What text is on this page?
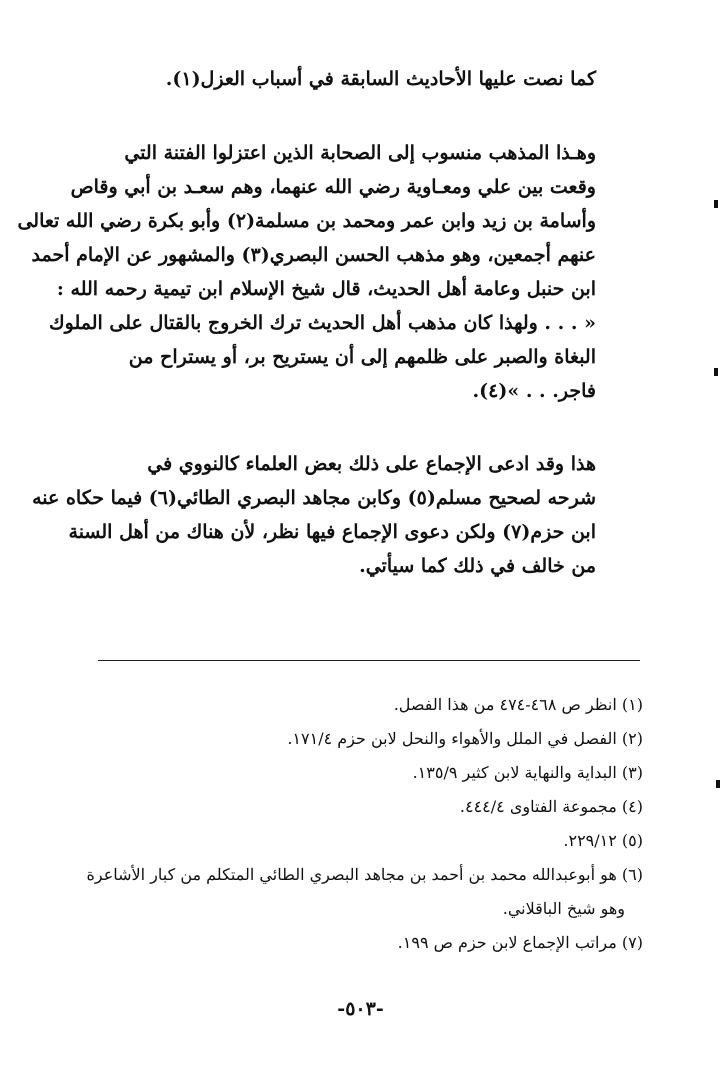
كما نصت عليها الأحاديث السابقة في أسباب العزل(١).
وهـذا المذهب منسوب إلى الصحابة الذين اعتزلوا الفتنة التي
وقعت بين علي ومعـاوية رضي الله عنهما، وهم سعـد بن أبي وقاص
وأسامة بن زيد وابن عمر ومحمد بن مسلمة(٢) وأبو بكرة رضي الله تعالى
عنهم أجمعين، وهو مذهب الحسن البصري(٣) والمشهور عن الإمام أحمد
ابن حنبل وعامة أهل الحديث، قال شيخ الإسلام ابن تيمية رحمه الله :
« . . . ولهذا كان مذهب أهل الحديث ترك الخروج بالقتال على الملوك
البغاة والصبر على ظلمهم إلى أن يستريح بر، أو يستراح من
فاجر. . . »(٤).
هذا وقد ادعى الإجماع على ذلك بعض العلماء كالنووي في
شرحه لصحيح مسلم(٥) وكابن مجاهد البصري الطائي(٦) فيما حكاه عنه
ابن حزم(٧) ولكن دعوى الإجماع فيها نظر، لأن هناك من أهل السنة
من خالف في ذلك كما سيأتي.
(١) انظر ص ٤٦٨-٤٧٤ من هذا الفصل.
(٢) الفصل في الملل والأهواء والنحل لابن حزم ١٧١/٤.
(٣) البداية والنهاية لابن كثير ١٣٥/٩.
(٤) مجموعة الفتاوى ٤٤٤/٤.
(٥) ٢٢٩/١٢.
(٦) هو أبوعبدالله محمد بن أحمد بن مجاهد البصري الطائي المتكلم من كبار الأشاعرة
وهو شيخ الباقلاني.
(٧) مراتب الإجماع لابن حزم ص ١٩٩.
-٥٠٣-
